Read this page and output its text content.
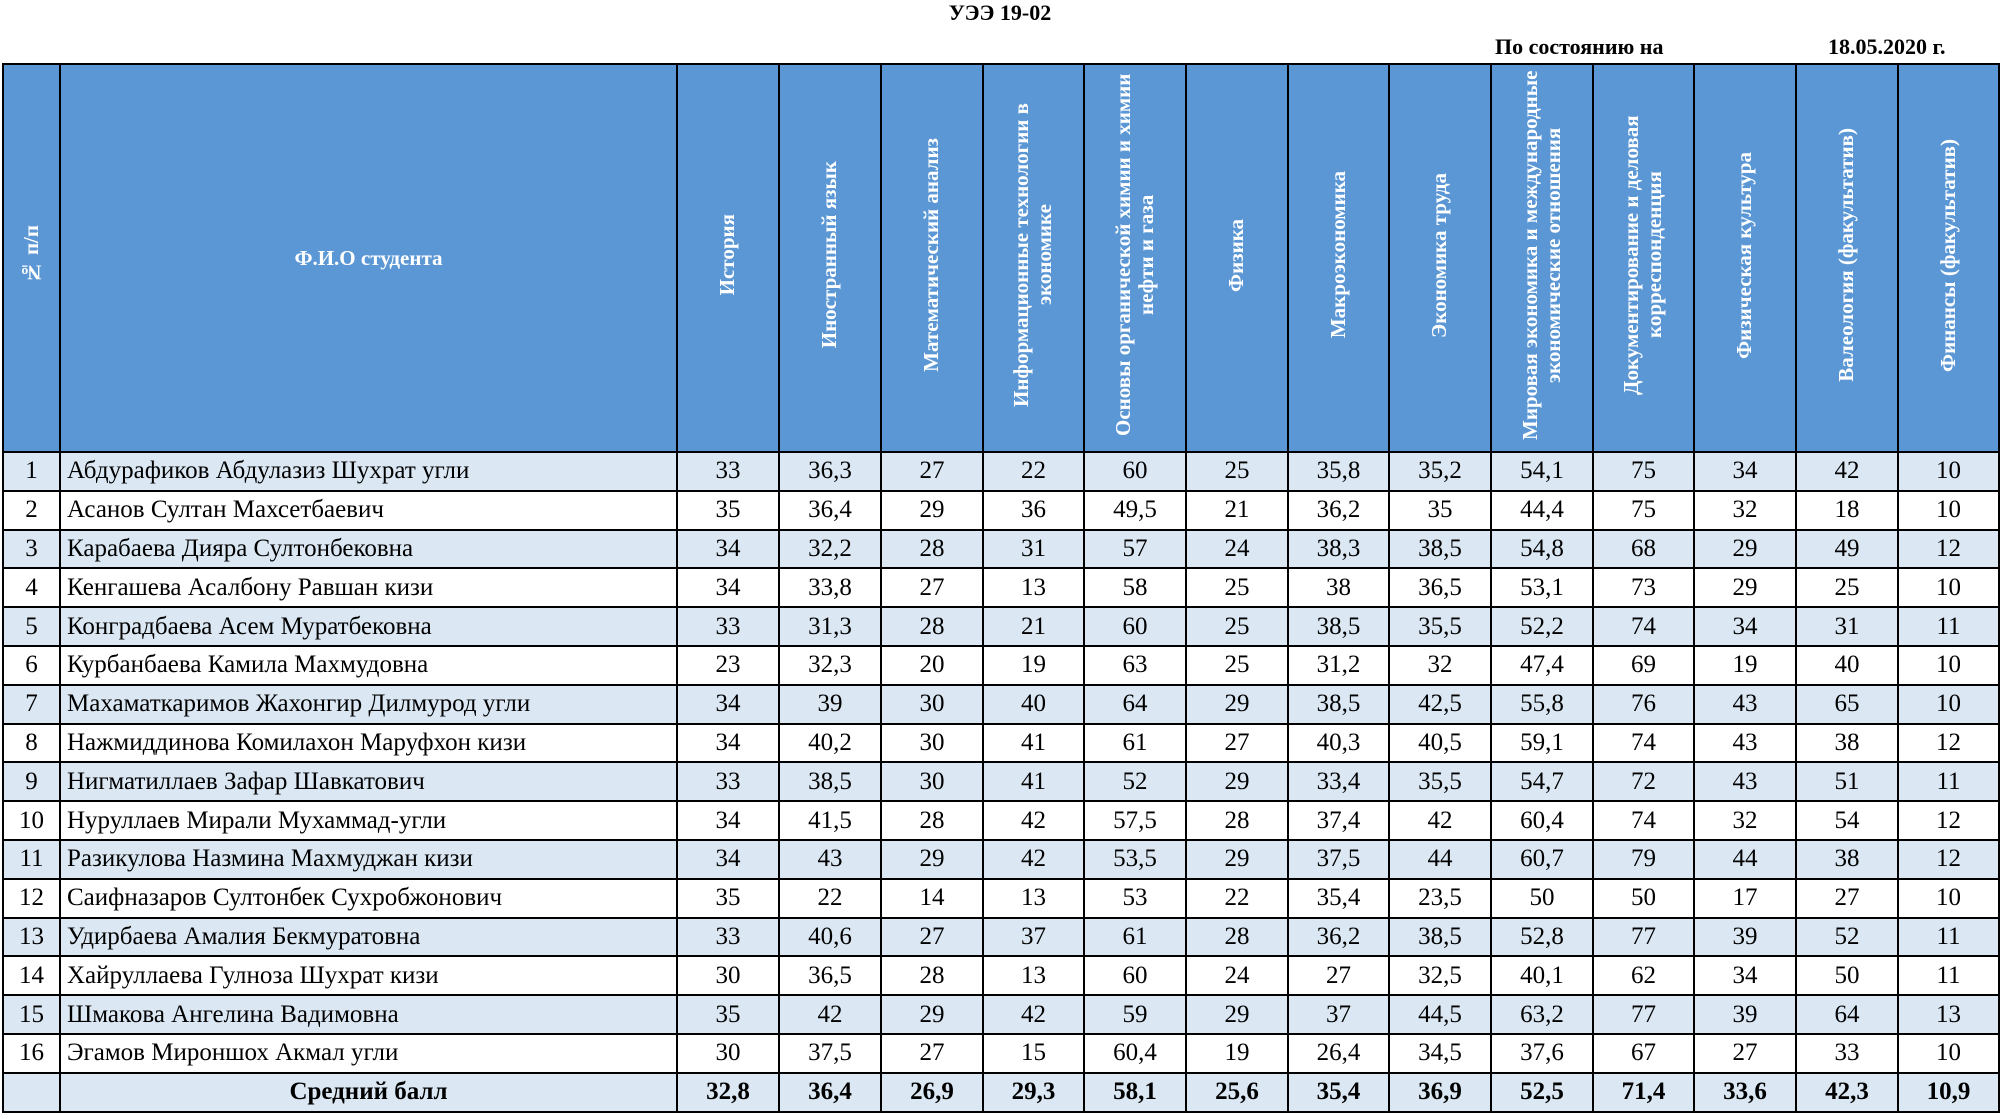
УЭЭ 19-02
По состоянию на	18.05.2020 г.
№ п/п	Ф.И.О студента	История	Иностранный язык	Математический анализ	Информационные технологии в экономике	Основы органической химии и химии нефти и газа	Физика	Макроэкономика	Экономика труда	Мировая экономика и международные экономические отношения	Документирование и деловая корреспонденция	Физическая культура	Валеология (факультатив)	Финансы (факультатив)
1	Абдурафиков Абдулазиз Шухрат угли	33	36,3	27	22	60	25	35,8	35,2	54,1	75	34	42	10
2	Асанов Султан Махсетбаевич	35	36,4	29	36	49,5	21	36,2	35	44,4	75	32	18	10
3	Карабаева Дияра Султонбековна	34	32,2	28	31	57	24	38,3	38,5	54,8	68	29	49	12
4	Кенгашева Асалбону Равшан кизи	34	33,8	27	13	58	25	38	36,5	53,1	73	29	25	10
5	Конградбаева Асем Муратбековна	33	31,3	28	21	60	25	38,5	35,5	52,2	74	34	31	11
6	Курбанбаева Камила Махмудовна	23	32,3	20	19	63	25	31,2	32	47,4	69	19	40	10
7	Махаматкаримов Жахонгир Дилмурод угли	34	39	30	40	64	29	38,5	42,5	55,8	76	43	65	10
8	Нажмиддинова Комилахон Маруфхон кизи	34	40,2	30	41	61	27	40,3	40,5	59,1	74	43	38	12
9	Нигматиллаев Зафар Шавкатович	33	38,5	30	41	52	29	33,4	35,5	54,7	72	43	51	11
10	Нуруллаев Мирали Мухаммад-угли	34	41,5	28	42	57,5	28	37,4	42	60,4	74	32	54	12
11	Разикулова Назмина Махмуджан кизи	34	43	29	42	53,5	29	37,5	44	60,7	79	44	38	12
12	Саифназаров Султонбек Сухробжонович	35	22	14	13	53	22	35,4	23,5	50	50	17	27	10
13	Удирбаева Амалия Бекмуратовна	33	40,6	27	37	61	28	36,2	38,5	52,8	77	39	52	11
14	Хайруллаева Гулноза Шухрат кизи	30	36,5	28	13	60	24	27	32,5	40,1	62	34	50	11
15	Шмакова Ангелина Вадимовна	35	42	29	42	59	29	37	44,5	63,2	77	39	64	13
16	Эгамов Мироншох Акмал угли	30	37,5	27	15	60,4	19	26,4	34,5	37,6	67	27	33	10
	Средний балл	32,8	36,4	26,9	29,3	58,1	25,6	35,4	36,9	52,5	71,4	33,6	42,3	10,9
